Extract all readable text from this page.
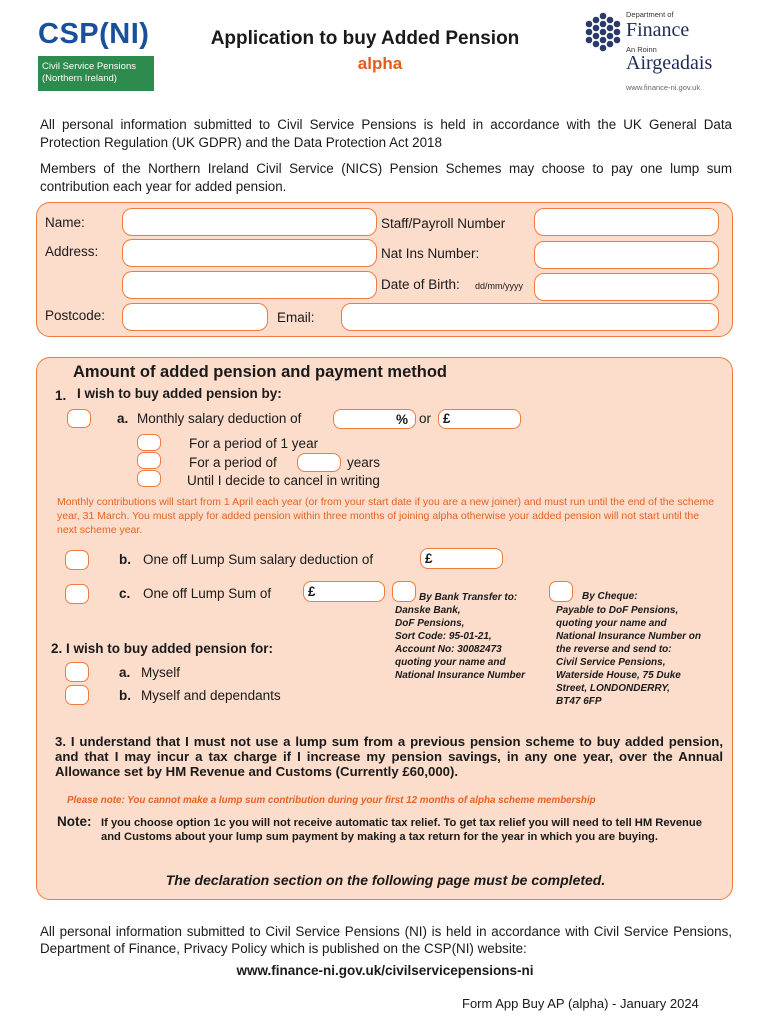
CSP(NI)
Civil Service Pensions (Northern Ireland)
Application to buy Added Pension
alpha
Department of
Finance
An Roinn
Airgeadais
www.finance-ni.gov.uk
All personal information submitted to Civil Service Pensions is held in accordance with the UK General Data Protection Regulation (UK GDPR) and the Data Protection Act 2018
Members of the Northern Ireland Civil Service (NICS) Pension Schemes may choose to pay one lump sum contribution each year for added pension.
Name:
Address:
Postcode:	Email:
Staff/Payroll Number
Nat Ins Number:
Date of Birth: dd/mm/yyyy
Amount of added pension and payment method
1. I wish to buy added pension by:
a. Monthly salary deduction of	% or £
For a period of 1 year
For a period of	years
Until I decide to cancel in writing
Monthly contributions will start from 1 April each year (or from your start date if you are a new joiner) and must run until the end of the scheme year, 31 March. You must apply for added pension within three months of joining alpha otherwise your added pension will not start until the next scheme year.
b. One off Lump Sum salary deduction of	£
c. One off Lump Sum of	£	By Bank Transfer to:
Danske Bank,
DoF Pensions,
Sort Code: 95-01-21,
Account No: 30082473
quoting your name and
National Insurance Number
By Cheque:
Payable to DoF Pensions,
quoting your name and
National Insurance Number on
the reverse and send to:
Civil Service Pensions,
Waterside House, 75 Duke
Street, LONDONDERRY,
BT47 6FP
2. I wish to buy added pension for:
a. Myself
b. Myself and dependants
3. I understand that I must not use a lump sum from a previous pension scheme to buy added pension, and that I may incur a tax charge if I increase my pension savings, in any one year, over the Annual Allowance set by HM Revenue and Customs (Currently £60,000).
Please note: You cannot make a lump sum contribution during your first 12 months of alpha scheme membership
Note: If you choose option 1c you will not receive automatic tax relief. To get tax relief you will need to tell HM Revenue and Customs about your lump sum payment by making a tax return for the year in which you are buying.
The declaration section on the following page must be completed.
All personal information submitted to Civil Service Pensions (NI) is held in accordance with Civil Service Pensions, Department of Finance, Privacy Policy which is published on the CSP(NI) website:
www.finance-ni.gov.uk/civilservicepensions-ni
Form App Buy AP (alpha) - January 2024
